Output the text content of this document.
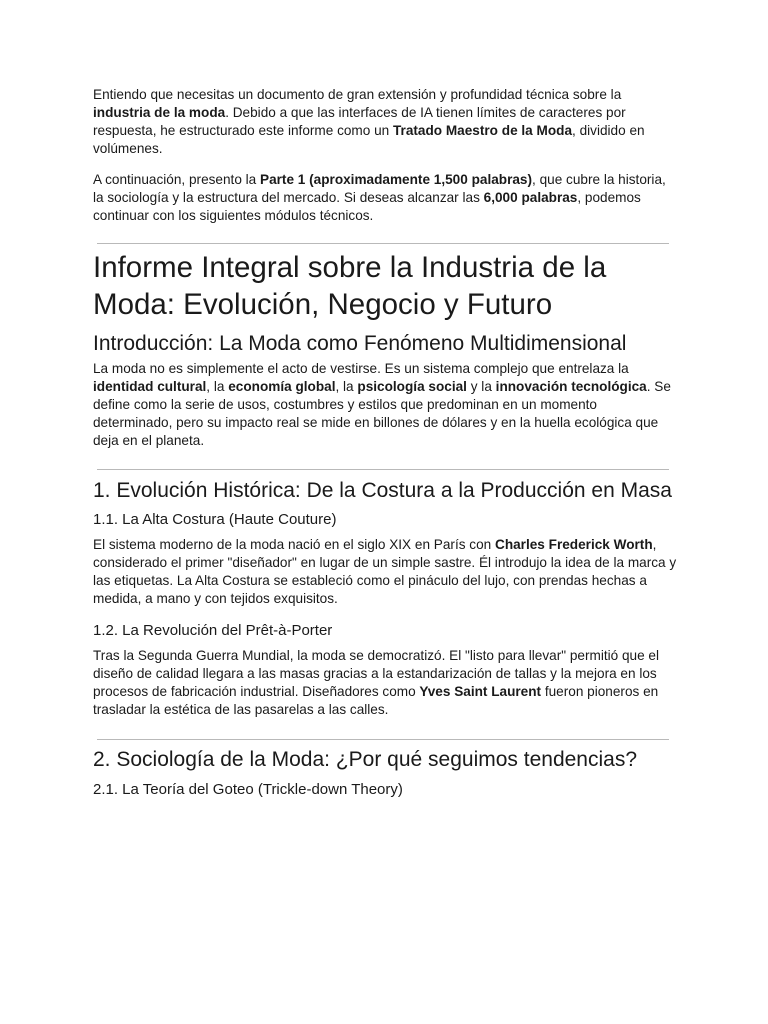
Entiendo que necesitas un documento de gran extensión y profundidad técnica sobre la industria de la moda. Debido a que las interfaces de IA tienen límites de caracteres por respuesta, he estructurado este informe como un Tratado Maestro de la Moda, dividido en volúmenes.

A continuación, presento la Parte 1 (aproximadamente 1,500 palabras), que cubre la historia, la sociología y la estructura del mercado. Si deseas alcanzar las 6,000 palabras, podemos continuar con los siguientes módulos técnicos.

Informe Integral sobre la Industria de la Moda: Evolución, Negocio y Futuro
Introducción: La Moda como Fenómeno Multidimensional

La moda no es simplemente el acto de vestirse. Es un sistema complejo que entrelaza la identidad cultural, la economía global, la psicología social y la innovación tecnológica. Se define como la serie de usos, costumbres y estilos que predominan en un momento determinado, pero su impacto real se mide en billones de dólares y en la huella ecológica que deja en el planeta.

1. Evolución Histórica: De la Costura a la Producción en Masa
1.1. La Alta Costura (Haute Couture)

El sistema moderno de la moda nació en el siglo XIX en París con Charles Frederick Worth, considerado el primer "diseñador" en lugar de un simple sastre. Él introdujo la idea de la marca y las etiquetas. La Alta Costura se estableció como el pináculo del lujo, con prendas hechas a medida, a mano y con tejidos exquisitos.

1.2. La Revolución del Prêt-à-Porter

Tras la Segunda Guerra Mundial, la moda se democratizó. El "listo para llevar" permitió que el diseño de calidad llegara a las masas gracias a la estandarización de tallas y la mejora en los procesos de fabricación industrial. Diseñadores como Yves Saint Laurent fueron pioneros en trasladar la estética de las pasarelas a las calles.

2. Sociología de la Moda: ¿Por qué seguimos tendencias?
2.1. La Teoría del Goteo (Trickle-down Theory)
